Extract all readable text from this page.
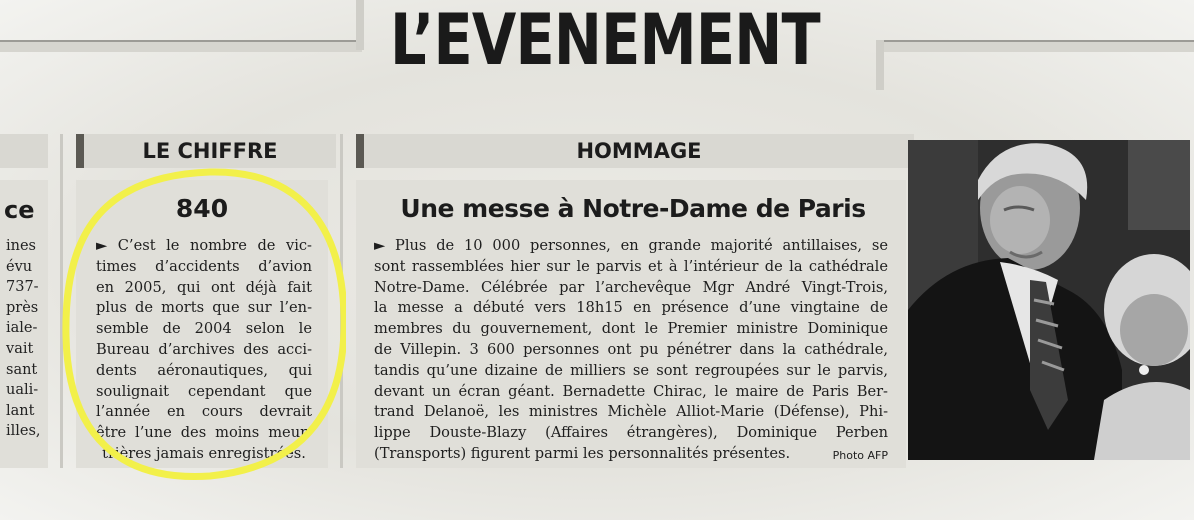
L’EVENEMENT
ce
ines
évu
737-
près
iale-
vait
sant
uali-
lant
illes,
LE CHIFFRE
840
► C’est le nombre de vic-
times d’accidents d’avion
en 2005, qui ont déjà fait
plus de morts que sur l’en-
semble de 2004 selon le
Bureau d’archives des acci-
dents aéronautiques, qui
soulignait cependant que
l’année en cours devrait
être l’une des moins meur-
trières jamais enregistrées.
HOMMAGE
Une messe à Notre-Dame de Paris
► Plus de 10 000 personnes, en grande majorité antillaises, se
sont rassemblées hier sur le parvis et à l’intérieur de la cathédrale
Notre-Dame. Célébrée par l’archevêque Mgr André Vingt-Trois,
la messe a débuté vers 18h15 en présence d’une vingtaine de
membres du gouvernement, dont le Premier ministre Dominique
de Villepin. 3 600 personnes ont pu pénétrer dans la cathédrale,
tandis qu’une dizaine de milliers se sont regroupées sur le parvis,
devant un écran géant. Bernadette Chirac, le maire de Paris Ber-
trand Delanoë, les ministres Michèle Alliot-Marie (Défense), Phi-
lippe Douste-Blazy (Affaires étrangères), Dominique Perben
(Transports) figurent parmi les personnalités présentes.	Photo AFP
